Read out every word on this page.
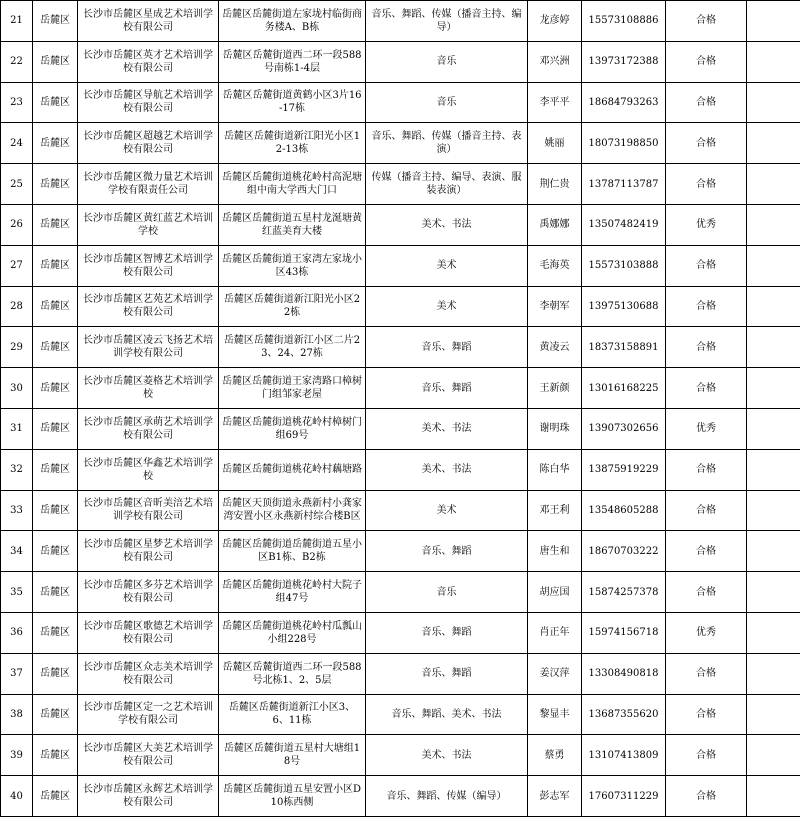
21	岳麓区	长沙市岳麓区星成艺术培训学校有限公司	岳麓区岳麓街道左家垅村临街商务楼A、B栋	音乐、舞蹈、传媒（播音主持、编导）	龙彦婷	15573108886	合格	
22	岳麓区	长沙市岳麓区英才艺术培训学校有限公司	岳麓区岳麓街道西二环一段588号南栋1-4层	音乐	邓兴洲	13973172388	合格	
23	岳麓区	长沙市岳麓区导航艺术培训学校有限公司	岳麓区岳麓街道黄鹤小区3片16-17栋	音乐	李平平	18684793263	合格	
24	岳麓区	长沙市岳麓区超越艺术培训学校有限公司	岳麓区岳麓街道新江阳光小区12-13栋	音乐、舞蹈、传媒（播音主持、表演）	姚丽	18073198850	合格	
25	岳麓区	长沙市岳麓区微力量艺术培训学校有限责任公司	岳麓区岳麓街道桃花岭村高泥塘组中南大学西大门口	传媒（播音主持、编导、表演、服装表演）	荆仁贵	13787113787	合格	
26	岳麓区	长沙市岳麓区黄红蓝艺术培训学校	岳麓区岳麓街道五星村龙涎塘黄红蓝美育大楼	美术、书法	禹娜娜	13507482419	优秀	
27	岳麓区	长沙市岳麓区智博艺术培训学校有限公司	岳麓区岳麓街道王家湾左家垅小区43栋	美术	毛海英	15573103888	合格	
28	岳麓区	长沙市岳麓区艺苑艺术培训学校有限公司	岳麓区岳麓街道新江阳光小区22栋	美术	李朝军	13975130688	合格	
29	岳麓区	长沙市岳麓区凌云飞扬艺术培训学校有限公司	岳麓区岳麓街道新江小区二片23、24、27栋	音乐、舞蹈	黄凌云	18373158891	合格	
30	岳麓区	长沙市岳麓区菱格艺术培训学校	岳麓区岳麓街道王家湾路口樟树门组邹家老屋	音乐、舞蹈	王新颜	13016168225	合格	
31	岳麓区	长沙市岳麓区承萌艺术培训学校有限公司	岳麓区岳麓街道桃花岭村樟树门组69号	美术、书法	谢明珠	13907302656	优秀	
32	岳麓区	长沙市岳麓区华鑫艺术培训学校	岳麓区岳麓街道桃花岭村藕塘路	美术、书法	陈白华	13875919229	合格	
33	岳麓区	长沙市岳麓区音昕美涪艺术培训学校有限公司	岳麓区天顶街道永燕新村小龚家湾安置小区永燕新村综合楼B区	美术	邓王利	13548605288	合格	
34	岳麓区	长沙市岳麓区星梦艺术培训学校有限公司	岳麓区岳麓街道岳麓街道五星小区B1栋、B2栋	音乐、舞蹈	唐生和	18670703222	合格	
35	岳麓区	长沙市岳麓区多芬艺术培训学校有限公司	岳麓区岳麓街道桃花岭村大院子组47号	音乐	胡应国	15874257378	合格	
36	岳麓区	长沙市岳麓区歌德艺术培训学校有限公司	岳麓区岳麓街道桃花岭村瓜瓢山小组228号	音乐、舞蹈	肖正年	15974156718	优秀	
37	岳麓区	长沙市岳麓区众志美术培训学校有限公司	岳麓区岳麓街道西二环一段588号北栋1、2、5层	音乐、舞蹈	姜汉萍	13308490818	合格	
38	岳麓区	长沙市岳麓区定一之艺术培训学校有限公司	岳麓区岳麓街道新江小区3、6、11栋	音乐、舞蹈、美术、书法	黎显丰	13687355620	合格	
39	岳麓区	长沙市岳麓区大美艺术培训学校有限公司	岳麓区岳麓街道五星村大塘组18号	美术、书法	蔡勇	13107413809	合格	
40	岳麓区	长沙市岳麓区永辉艺术培训学校有限公司	岳麓区岳麓街道五星安置小区D10栋西侧	音乐、舞蹈、传媒（编导）	彭志军	17607311229	合格	
